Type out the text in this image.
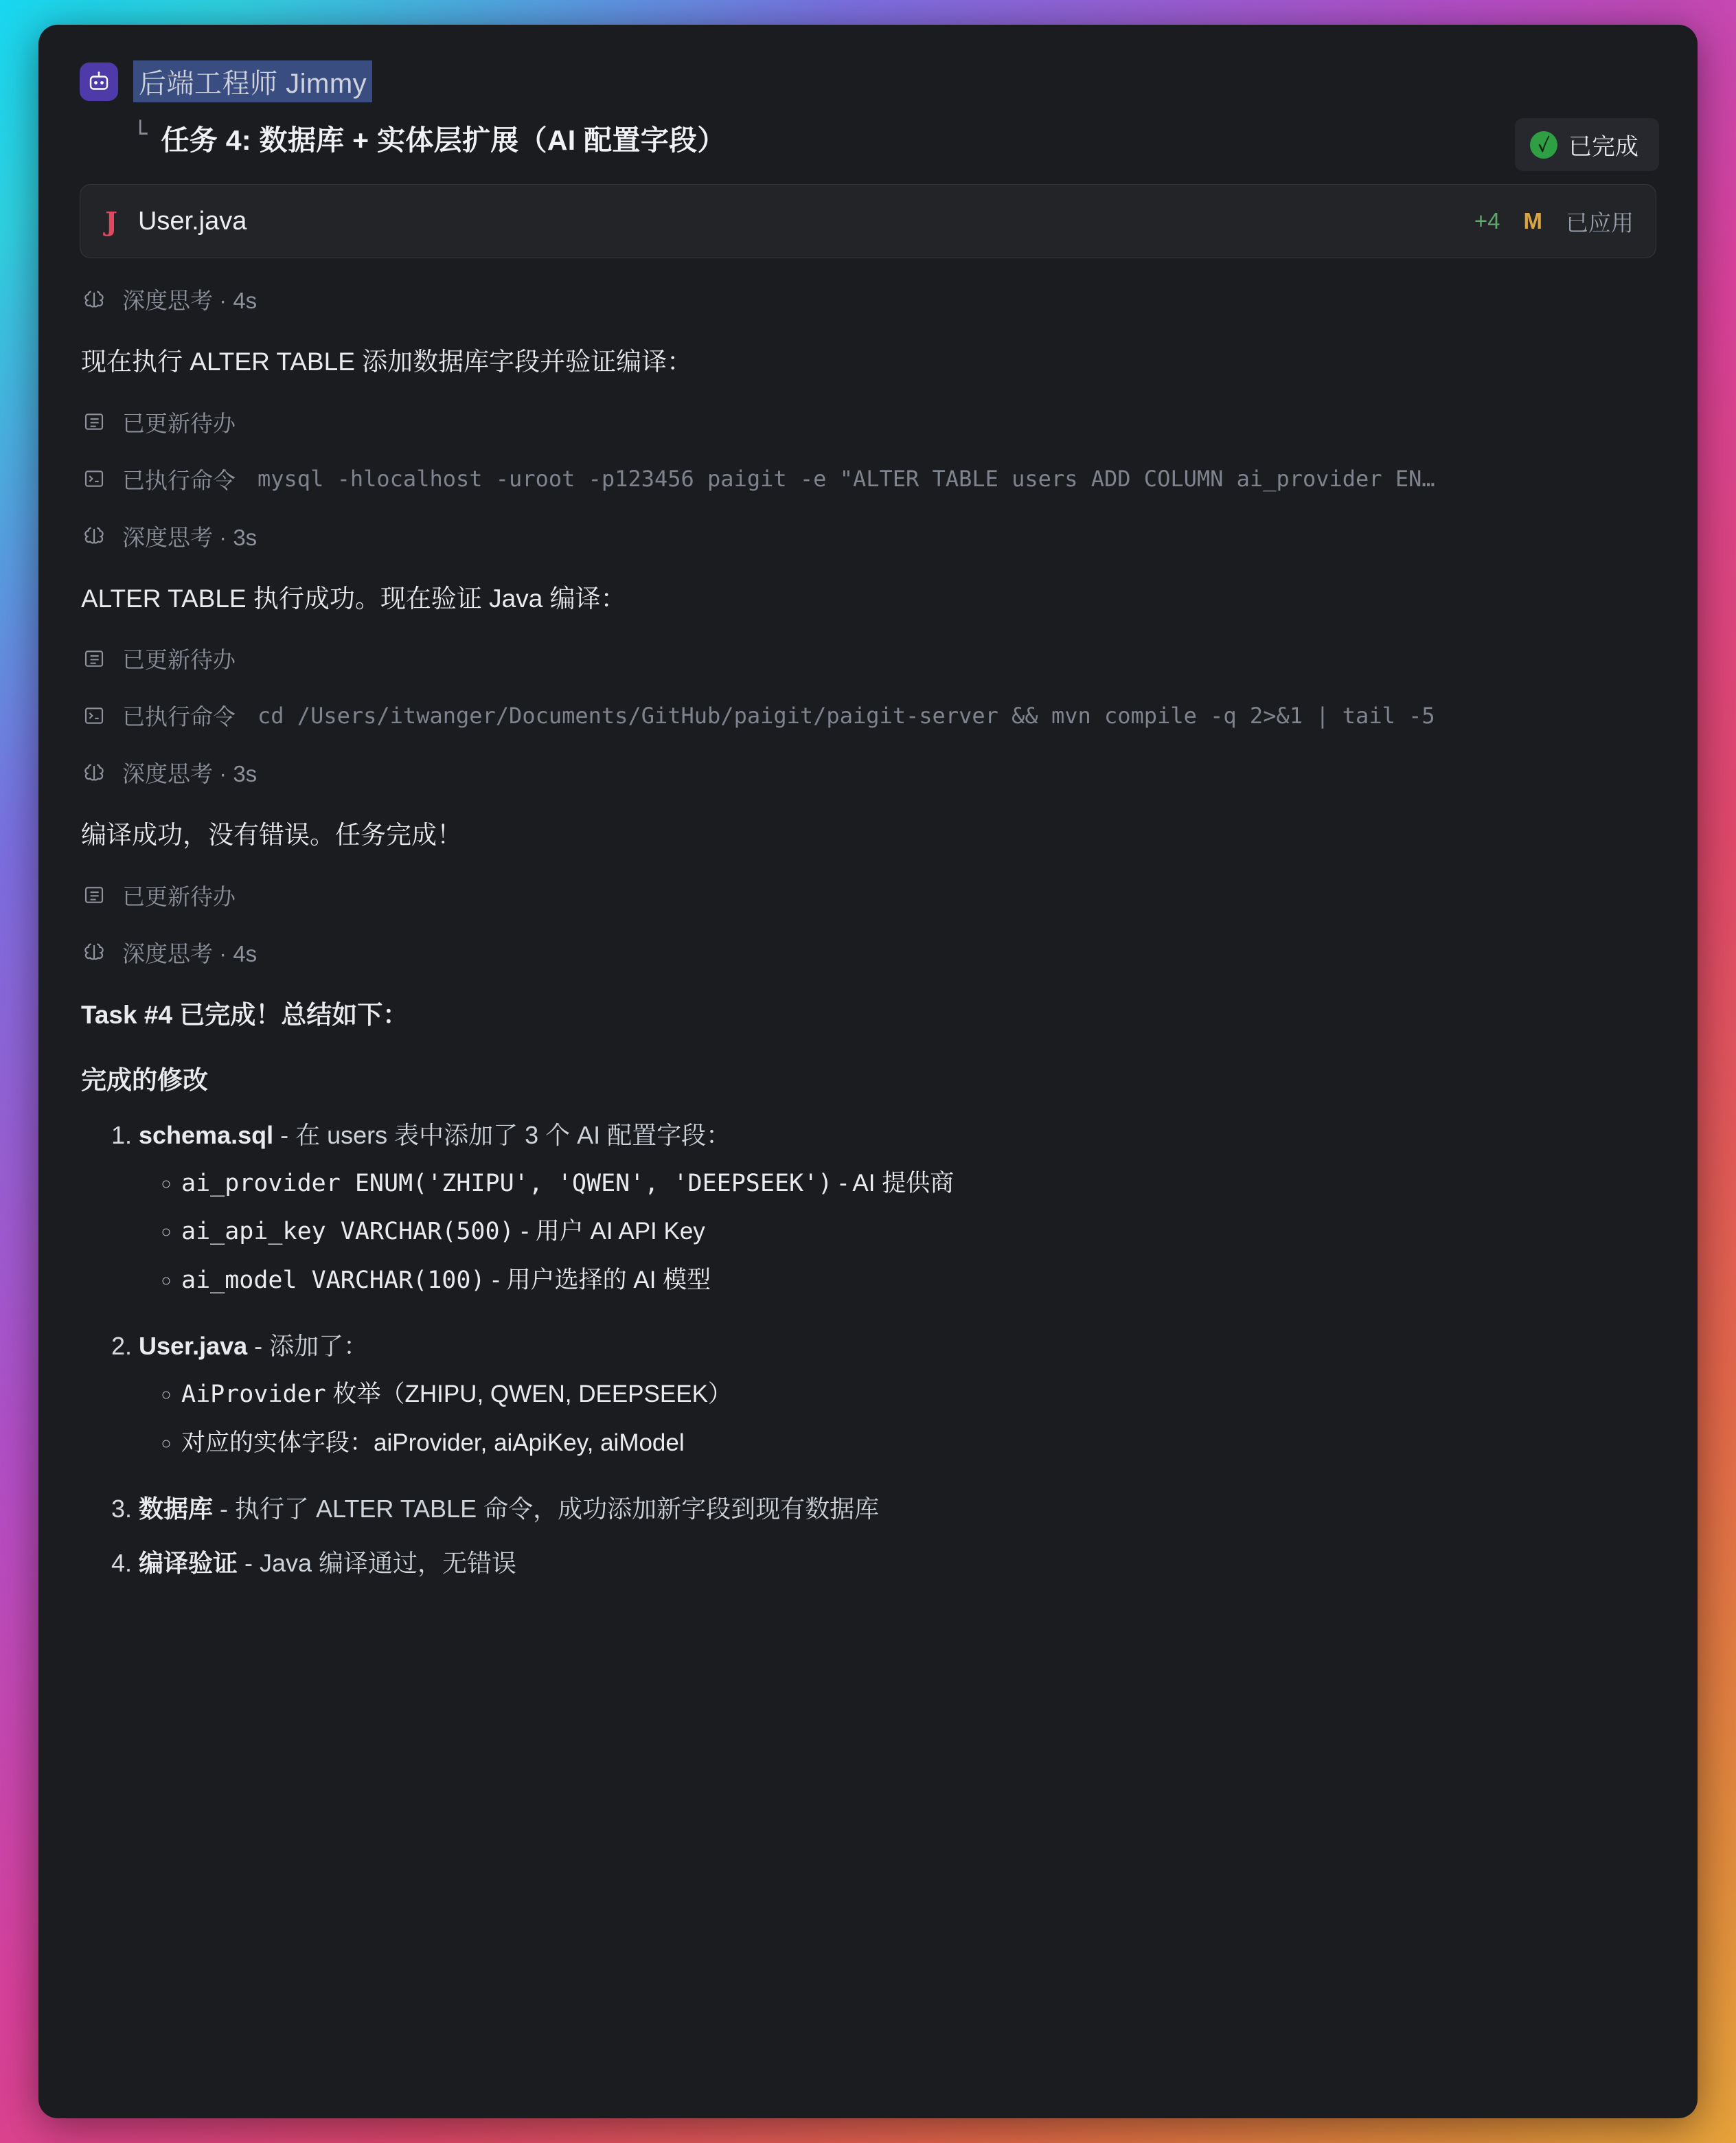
后端工程师 Jimmy
└ 任务 4: 数据库 + 实体层扩展（AI 配置字段）	✓ 已完成
J User.java	+4 M 已应用
深度思考 · 4s
现在执行 ALTER TABLE 添加数据库字段并验证编译：
已更新待办
已执行命令 mysql -hlocalhost -uroot -p123456 paigit -e "ALTER TABLE users ADD COLUMN ai_provider EN…
深度思考 · 3s
ALTER TABLE 执行成功。现在验证 Java 编译：
已更新待办
已执行命令 cd /Users/itwanger/Documents/GitHub/paigit/paigit-server && mvn compile -q 2>&1 | tail -5
深度思考 · 3s
编译成功，没有错误。任务完成！
已更新待办
深度思考 · 4s
Task #4 已完成！总结如下：
完成的修改
1. schema.sql - 在 users 表中添加了 3 个 AI 配置字段：
◦ ai_provider ENUM('ZHIPU', 'QWEN', 'DEEPSEEK') - AI 提供商
◦ ai_api_key VARCHAR(500) - 用户 AI API Key
◦ ai_model VARCHAR(100) - 用户选择的 AI 模型
2. User.java - 添加了：
◦ AiProvider 枚举（ZHIPU, QWEN, DEEPSEEK）
◦ 对应的实体字段：aiProvider, aiApiKey, aiModel
3. 数据库 - 执行了 ALTER TABLE 命令，成功添加新字段到现有数据库
4. 编译验证 - Java 编译通过，无错误
